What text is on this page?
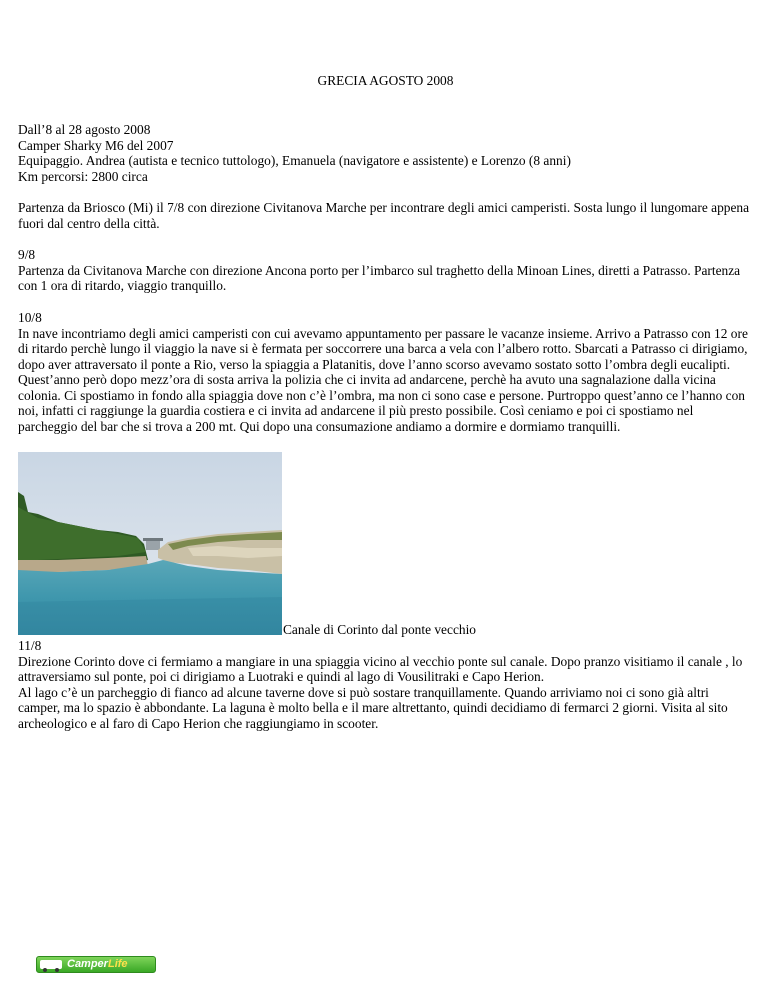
GRECIA AGOSTO 2008
Dall’8 al 28 agosto 2008
Camper Sharky M6 del 2007
Equipaggio. Andrea (autista e tecnico tuttologo), Emanuela (navigatore e assistente) e Lorenzo (8 anni)
Km percorsi: 2800 circa

Partenza da Briosco (Mi) il 7/8 con direzione Civitanova Marche per incontrare degli amici camperisti. Sosta lungo il lungomare appena fuori dal centro della città.

9/8

Partenza da Civitanova Marche con direzione Ancona porto per l’imbarco sul traghetto della Minoan Lines, diretti a Patrasso. Partenza con 1 ora di ritardo, viaggio tranquillo.

10/8

In nave incontriamo degli amici camperisti con cui avevamo appuntamento per passare le vacanze insieme. Arrivo a Patrasso con 12 ore di ritardo perchè lungo il viaggio la nave si è fermata per soccorrere una barca a vela con l’albero rotto. Sbarcati a Patrasso ci dirigiamo, dopo aver attraversato il ponte a Rio, verso la spiaggia a Platanitis, dove l’anno scorso avevamo sostato sotto l’ombra degli eucalipti. Quest’anno però dopo mezz’ora di sosta arriva la polizia che ci invita ad andarcene, perchè ha avuto una sagnalazione dalla vicina colonia. Ci spostiamo in fondo alla spiaggia dove non c’è l’ombra, ma non ci sono case e persone. Purtroppo quest’anno ce l’hanno con noi, infatti ci raggiunge la guardia costiera e ci invita ad andarcene il più presto possibile. Così ceniamo e poi ci spostiamo nel parcheggio del bar che si trova a 200 mt. Qui dopo una consumazione andiamo a dormire e dormiamo tranquilli.

Canale di Corinto dal ponte vecchio
11/8

Direzione Corinto dove ci fermiamo a mangiare in una spiaggia vicino al vecchio ponte sul canale. Dopo pranzo visitiamo il canale , lo attraversiamo sul ponte, poi ci dirigiamo a Luotraki e quindi al lago di Vousilitraki e Capo Herion.

Al lago c’è un parcheggio di fianco ad alcune taverne dove si può sostare tranquillamente. Quando arriviamo noi ci sono già altri camper, ma lo spazio è abbondante. La laguna è molto bella e il mare altrettanto, quindi decidiamo di fermarci 2 giorni. Visita al sito archeologico e al faro di Capo Herion che raggiungiamo in scooter.

CamperLife
